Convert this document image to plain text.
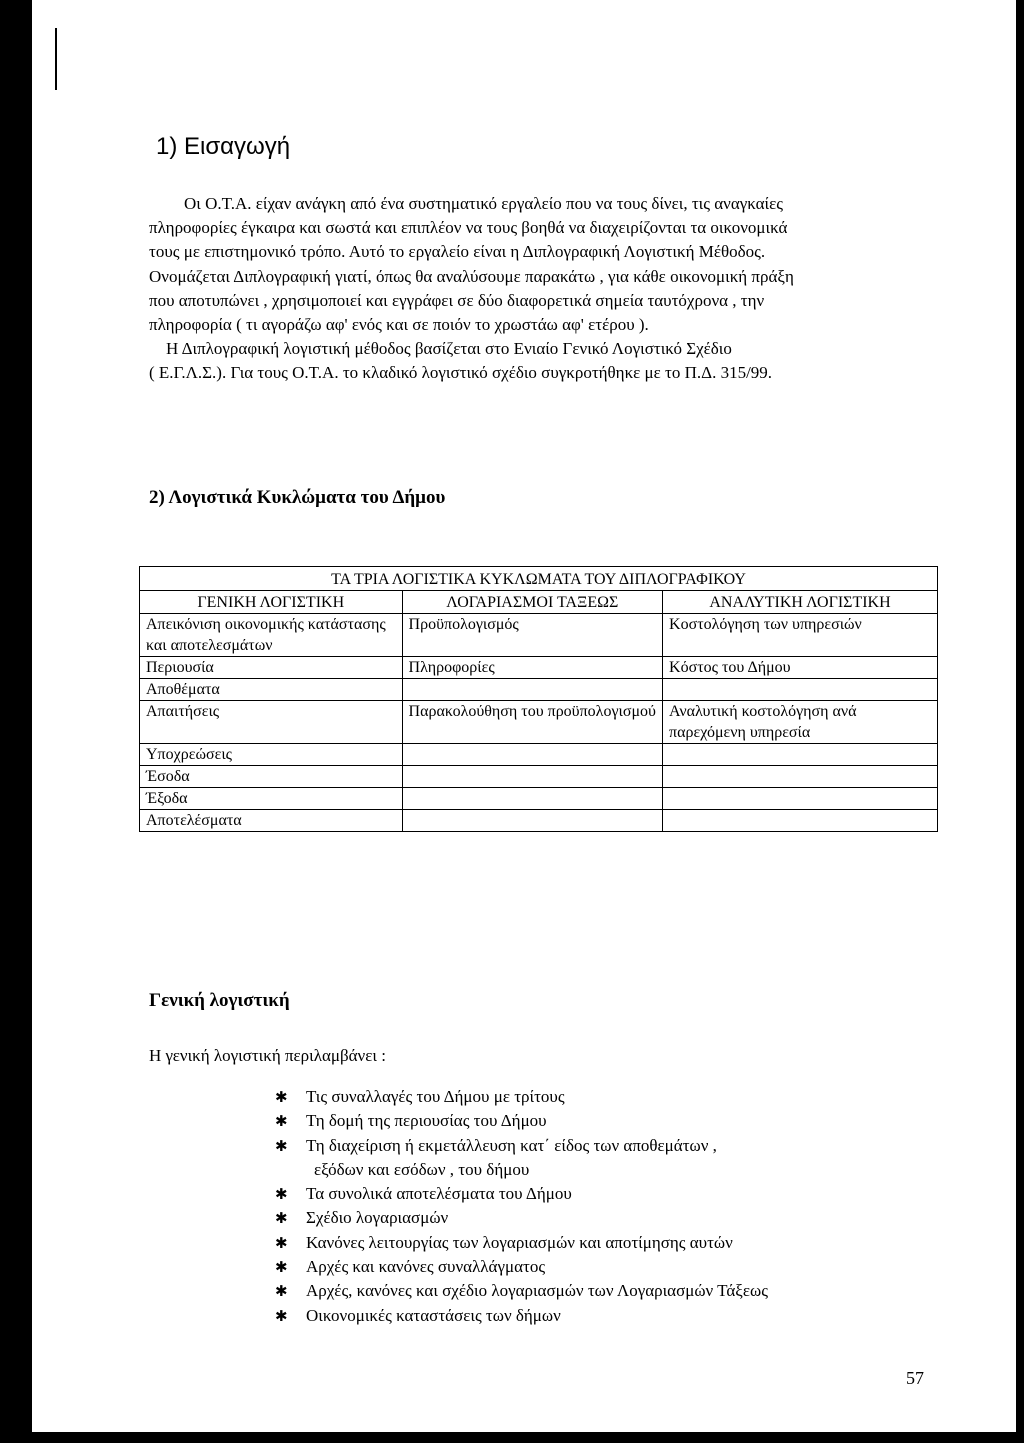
1) Εισαγωγή
Οι Ο.Τ.Α. είχαν ανάγκη από ένα συστηματικό εργαλείο που να τους δίνει, τις αναγκαίες
πληροφορίες έγκαιρα και σωστά και επιπλέον να τους βοηθά να διαχειρίζονται τα οικονομικά
τους με επιστημονικό τρόπο. Αυτό το εργαλείο είναι η Διπλογραφική Λογιστική Μέθοδος.
Ονομάζεται Διπλογραφική γιατί, όπως θα αναλύσουμε παρακάτω , για κάθε οικονομική πράξη
που αποτυπώνει , χρησιμοποιεί και εγγράφει σε δύο διαφορετικά σημεία ταυτόχρονα , την
πληροφορία ( τι αγοράζω αφ' ενός και σε ποιόν το χρωστάω αφ' ετέρου ).
Η Διπλογραφική λογιστική μέθοδος βασίζεται στο Ενιαίο Γενικό Λογιστικό Σχέδιο
( Ε.Γ.Λ.Σ.). Για τους Ο.Τ.Α. το κλαδικό λογιστικό σχέδιο συγκροτήθηκε με το Π.Δ. 315/99.
2) Λογιστικά Κυκλώματα του Δήμου
ΤΑ ΤΡΙΑ ΛΟΓΙΣΤΙΚΑ ΚΥΚΛΩΜΑΤΑ ΤΟΥ ΔΙΠΛΟΓΡΑΦΙΚΟΥ		
ΓΕΝΙΚΗ ΛΟΓΙΣΤΙΚΗ	ΛΟΓΑΡΙΑΣΜΟΙ ΤΑΞΕΩΣ	ΑΝΑΛΥΤΙΚΗ ΛΟΓΙΣΤΙΚΗ
Απεικόνιση οικονομικής κατάστασης και αποτελεσμάτων	Προϋπολογισμός	Κοστολόγηση των υπηρεσιών
Περιουσία	Πληροφορίες	Κόστος του Δήμου
Αποθέματα		
Απαιτήσεις	Παρακολούθηση του προϋπολογισμού	Αναλυτική κοστολόγηση ανά παρεχόμενη υπηρεσία
Υποχρεώσεις		
Έσοδα		
Έξοδα		
Αποτελέσματα		
Γενική λογιστική

Η γενική λογιστική περιλαμβάνει :

✱ Τις συναλλαγές του Δήμου με τρίτους
✱ Τη δομή της περιουσίας του Δήμου
✱ Τη διαχείριση ή εκμετάλλευση κατ΄ είδος των αποθεμάτων ,
εξόδων και εσόδων , του δήμου
✱ Τα συνολικά αποτελέσματα του Δήμου
✱ Σχέδιο λογαριασμών
✱ Κανόνες λειτουργίας των λογαριασμών και αποτίμησης αυτών
✱ Αρχές και κανόνες συναλλάγματος
✱ Αρχές, κανόνες και σχέδιο λογαριασμών των Λογαριασμών Τάξεως
✱ Οικονομικές καταστάσεις των δήμων

57
